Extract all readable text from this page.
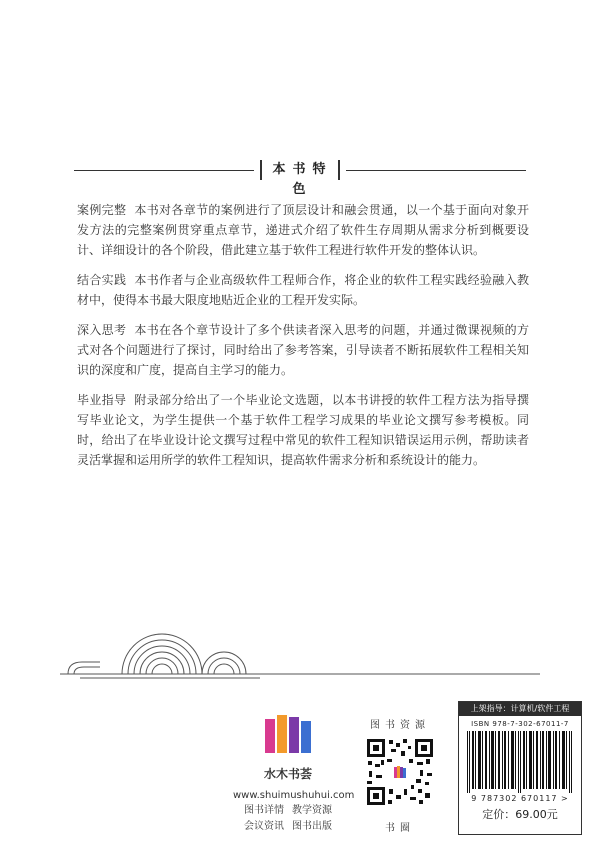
本书特色
案例完整 本书对各章节的案例进行了顶层设计和融会贯通，以一个基于面向对象开发方法的完整案例贯穿重点章节，递进式介绍了软件生存周期从需求分析到概要设计、详细设计的各个阶段，借此建立基于软件工程进行软件开发的整体认识。
结合实践 本书作者与企业高级软件工程师合作，将企业的软件工程实践经验融入教材中，使得本书最大限度地贴近企业的工程开发实际。
深入思考 本书在各个章节设计了多个供读者深入思考的问题，并通过微课视频的方式对各个问题进行了探讨，同时给出了参考答案，引导读者不断拓展软件工程相关知识的深度和广度，提高自主学习的能力。
毕业指导 附录部分给出了一个毕业论文选题，以本书讲授的软件工程方法为指导撰写毕业论文，为学生提供一个基于软件工程学习成果的毕业论文撰写参考模板。同时，给出了在毕业设计论文撰写过程中常见的软件工程知识错误运用示例，帮助读者灵活掌握和运用所学的软件工程知识，提高软件需求分析和系统设计的能力。
水木书荟
www.shuimushuhui.com
图书详情 教学资源
会议资讯 图书出版
图书资源
书圈
上架指导：计算机/软件工程
ISBN 978-7-302-67011-7
9 787302 670117 >
定价：69.00元
